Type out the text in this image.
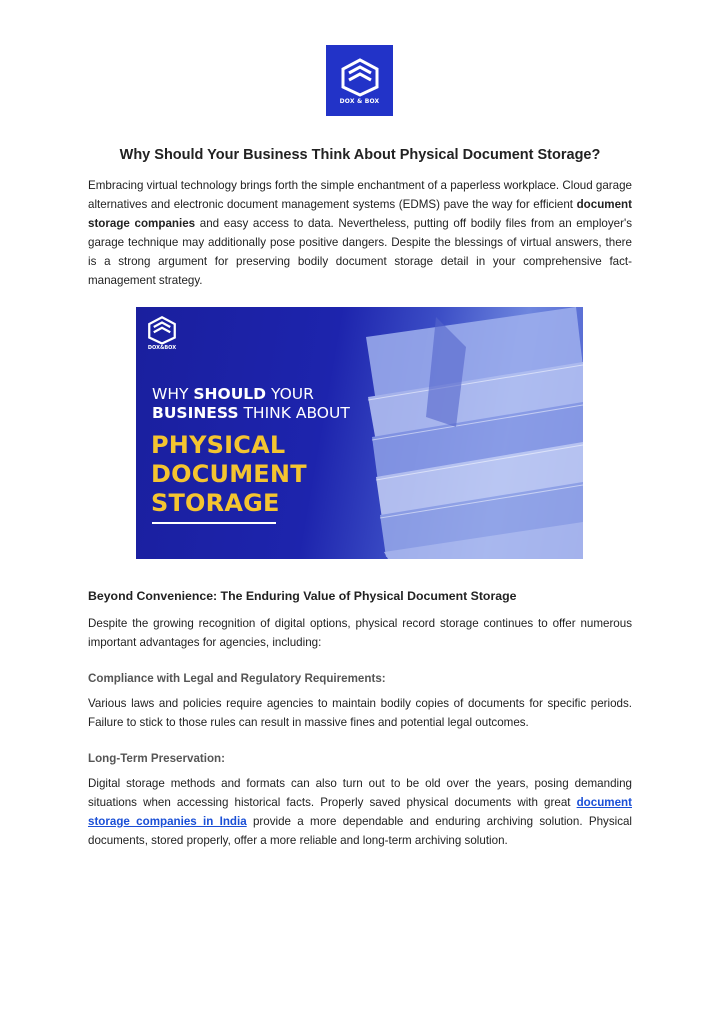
DOX & BOX
Why Should Your Business Think About Physical Document Storage?

Embracing virtual technology brings forth the simple enchantment of a paperless workplace. Cloud garage alternatives and electronic document management systems (EDMS) pave the way for efficient document storage companies and easy access to data. Nevertheless, putting off bodily files from an employer's garage technique may additionally pose positive dangers. Despite the blessings of virtual answers, there is a strong argument for preserving bodily document storage detail in your comprehensive fact-management strategy.

DOX&BOX
WHY SHOULD YOUR
BUSINESS THINK ABOUT
PHYSICAL
DOCUMENT
STORAGE
Beyond Convenience: The Enduring Value of Physical Document Storage

Despite the growing recognition of digital options, physical record storage continues to offer numerous important advantages for agencies, including:

Compliance with Legal and Regulatory Requirements:

Various laws and policies require agencies to maintain bodily copies of documents for specific periods. Failure to stick to those rules can result in massive fines and potential legal outcomes.

Long-Term Preservation:

Digital storage methods and formats can also turn out to be old over the years, posing demanding situations when accessing historical facts. Properly saved physical documents with great document storage companies in India provide a more dependable and enduring archiving solution. Physical documents, stored properly, offer a more reliable and long-term archiving solution.
